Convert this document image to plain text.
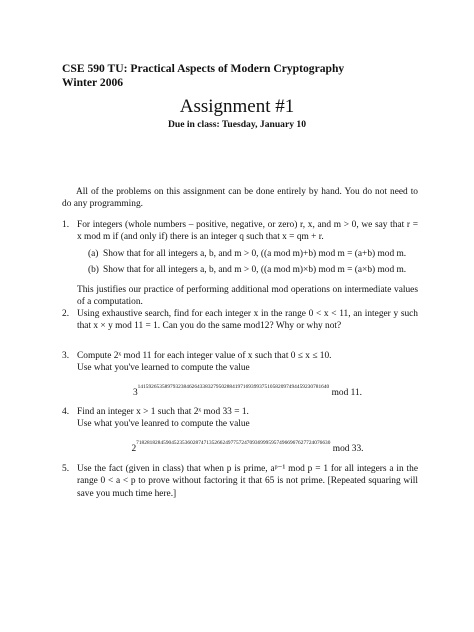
CSE 590 TU: Practical Aspects of Modern Cryptography
Winter 2006
Assignment #1
Due in class: Tuesday, January 10
All of the problems on this assignment can be done entirely by hand. You do not need to do any programming.
1. For integers (whole numbers – positive, negative, or zero) r, x, and m > 0, we say that r = x mod m if (and only if) there is an integer q such that x = qm + r.
(a) Show that for all integers a, b, and m > 0, ((a mod m)+b) mod m = (a+b) mod m.
(b) Show that for all integers a, b, and m > 0, ((a mod m)×b) mod m = (a×b) mod m.
This justifies our practice of performing additional mod operations on intermediate values of a computation.
2. Using exhaustive search, find for each integer x in the range 0 < x < 11, an integer y such that x × y mod 11 = 1. Can you do the same mod12? Why or why not?
3. Compute 2ˣ mod 11 for each integer value of x such that 0 ≤ x ≤ 10.
Use what you've learned to compute the value
$3^{14159265358979323846264338327950288419716939937510582097494459230781640}$ mod 11.
4. Find an integer x > 1 such that 2ˣ mod 33 = 1.
Use what you've leanred to compute the value
$2^{718281828459045235360287471352662497757247093699959574966967627724076630}$ mod 33.
5. Use the fact (given in class) that when p is prime, aᵖ⁻¹ mod p = 1 for all integers a in the range 0 < a < p to prove without factoring it that 65 is not prime. [Repeated squaring will save you much time here.]
